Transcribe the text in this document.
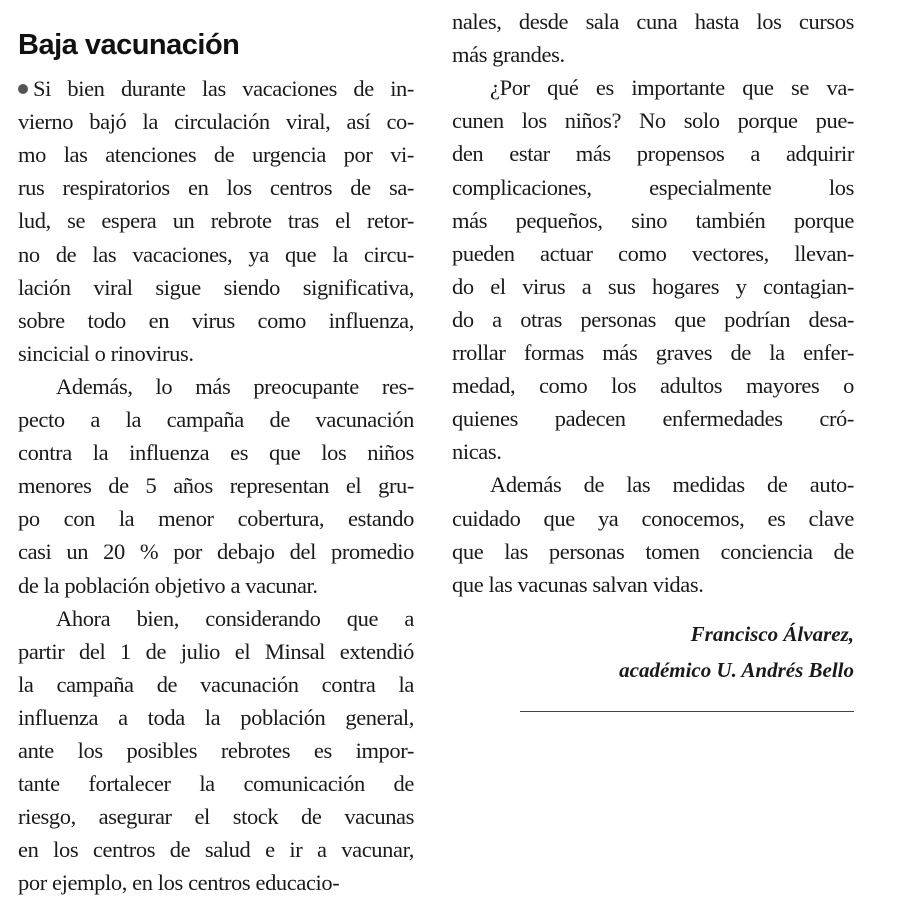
Baja vacunación
Si bien durante las vacaciones de in-
vierno bajó la circulación viral, así co-
mo las atenciones de urgencia por vi-
rus respiratorios en los centros de sa-
lud, se espera un rebrote tras el retor-
no de las vacaciones, ya que la circu-
lación viral sigue siendo significativa,
sobre todo en virus como influenza,
sincicial o rinovirus.
Además, lo más preocupante res-
pecto a la campaña de vacunación
contra la influenza es que los niños
menores de 5 años representan el gru-
po con la menor cobertura, estando
casi un 20 % por debajo del promedio
de la población objetivo a vacunar.
Ahora bien, considerando que a
partir del 1 de julio el Minsal extendió
la campaña de vacunación contra la
influenza a toda la población general,
ante los posibles rebrotes es impor-
tante fortalecer la comunicación de
riesgo, asegurar el stock de vacunas
en los centros de salud e ir a vacunar,
por ejemplo, en los centros educacio-
nales, desde sala cuna hasta los cursos
más grandes.
¿Por qué es importante que se va-
cunen los niños? No solo porque pue-
den estar más propensos a adquirir
complicaciones, especialmente los
más pequeños, sino también porque
pueden actuar como vectores, llevan-
do el virus a sus hogares y contagian-
do a otras personas que podrían desa-
rrollar formas más graves de la enfer-
medad, como los adultos mayores o
quienes padecen enfermedades cró-
nicas.
Además de las medidas de auto-
cuidado que ya conocemos, es clave
que las personas tomen conciencia de
que las vacunas salvan vidas.
Francisco Álvarez,
académico U. Andrés Bello
